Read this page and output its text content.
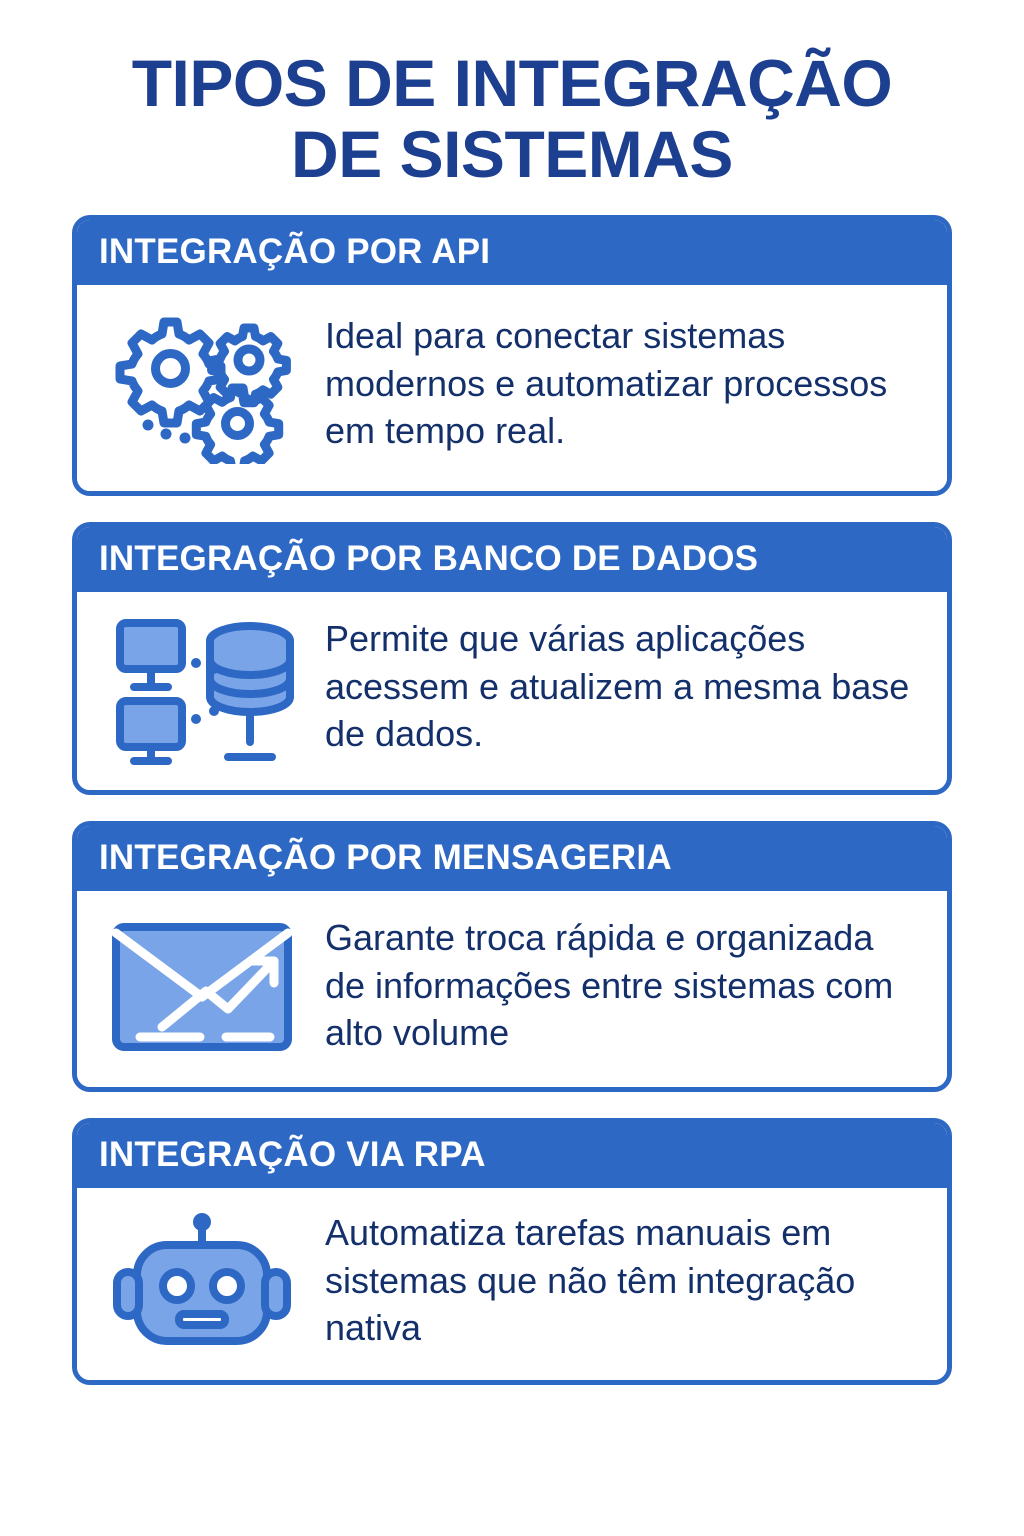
TIPOS DE INTEGRAÇÃO
DE SISTEMAS
INTEGRAÇÃO POR API
Ideal para conectar sistemas modernos e automatizar processos em tempo real.
INTEGRAÇÃO POR BANCO DE DADOS
Permite que várias aplicações acessem e atualizem a mesma base de dados.
INTEGRAÇÃO POR MENSAGERIA
Garante troca rápida e organizada de informações entre sistemas com alto volume
INTEGRAÇÃO VIA RPA
Automatiza tarefas manuais em sistemas que não têm integração nativa
